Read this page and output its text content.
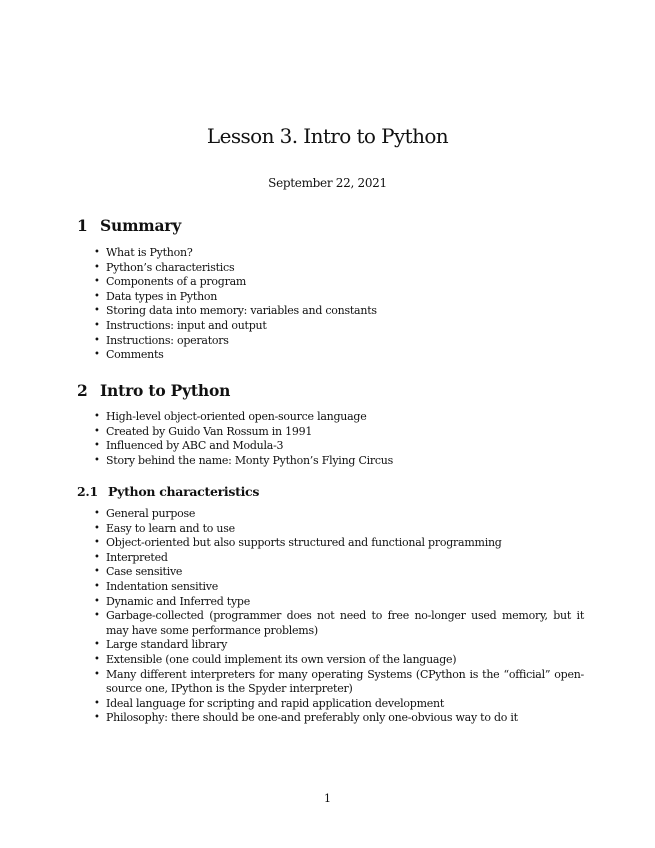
Lesson 3. Intro to Python
September 22, 2021
1 Summary
• What is Python?
• Python’s characteristics
• Components of a program
• Data types in Python
• Storing data into memory: variables and constants
• Instructions: input and output
• Instructions: operators
• Comments
2 Intro to Python
• High-level object-oriented open-source language
• Created by Guido Van Rossum in 1991
• Influenced by ABC and Modula-3
• Story behind the name: Monty Python’s Flying Circus
2.1 Python characteristics
• General purpose
• Easy to learn and to use
• Object-oriented but also supports structured and functional programming
• Interpreted
• Case sensitive
• Indentation sensitive
• Dynamic and Inferred type
• Garbage-collected (programmer does not need to free no-longer used memory, but it may have some performance problems)
• Large standard library
• Extensible (one could implement its own version of the language)
• Many different interpreters for many operating Systems (CPython is the “official” open-source one, IPython is the Spyder interpreter)
• Ideal language for scripting and rapid application development
• Philosophy: there should be one-and preferably only one-obvious way to do it
1
